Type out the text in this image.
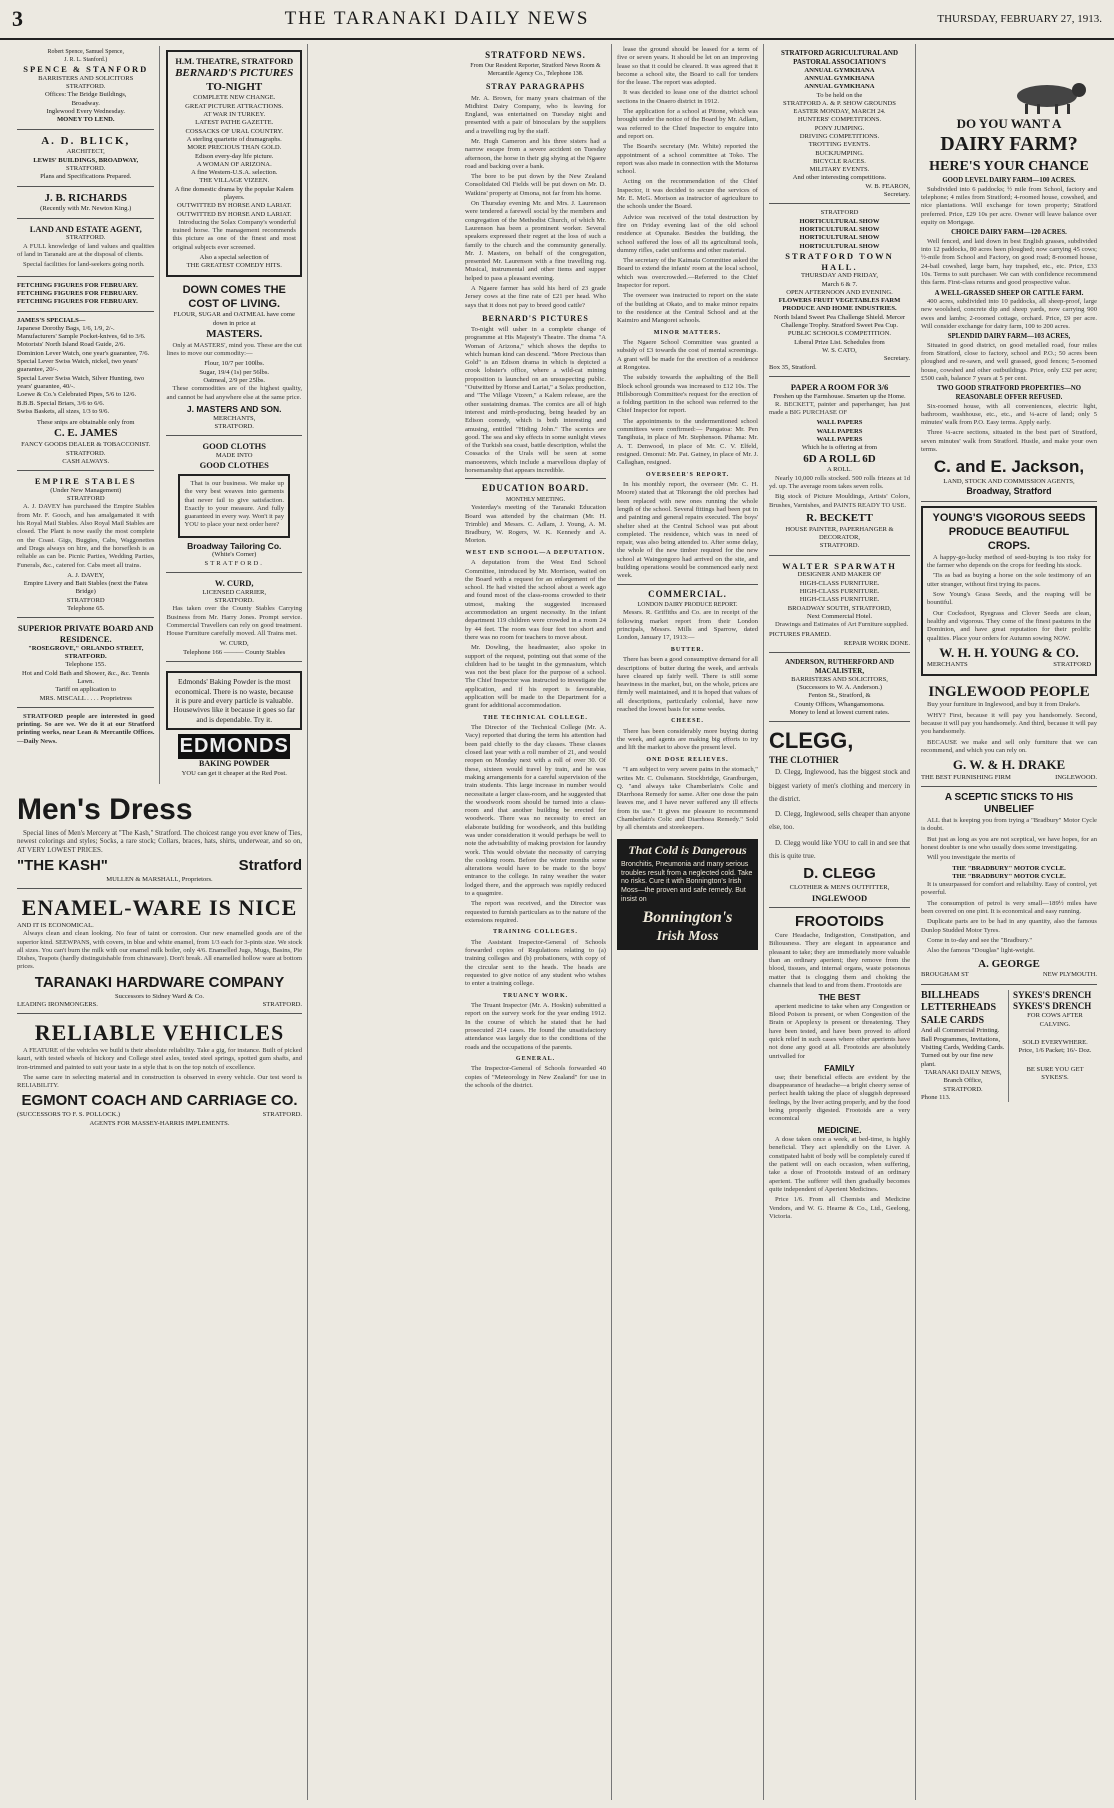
3	THE TARANAKI DAILY NEWS	THURSDAY, FEBRUARY 27, 1913.
Robert Spence, Samuel Spence,
J. R. L. Stanford.)
SPENCE & STANFORD
BARRISTERS AND SOLICITORS
STRATFORD.
Offices: The Bridge Buildings,
Broadway.
Inglewood Every Wednesday.
MONEY TO LEND.
A. D. BLICK,
ARCHITECT,
LEWIS' BUILDINGS, BROADWAY,
STRATFORD.
Plans and Specifications Prepared.
J. B. RICHARDS
(Recently with Mr. Newton King.)
LAND AND ESTATE AGENT,
STRATFORD.

A FULL knowledge of land values and qualities of land in Taranaki are at the disposal of clients.

Special facilities for land-seekers going north.

FETCHING FIGURES FOR FEBRUARY.
FETCHING FIGURES FOR FEBRUARY.
FETCHING FIGURES FOR FEBRUARY.
JAMES'S SPECIALS—
Japanese Dorothy Bags, 1/6, 1/9, 2/-.
Manufacturers' Sample Pocket-knives, 6d to 3/6.
Motorists' North Island Road Guide, 2/6.
Dominion Lever Watch, one year's guarantee, 7/6.
Special Lever Swiss Watch, nickel, two years' guarantee, 20/-.
Special Lever Swiss Watch, Silver Hunting, two years' guarantee, 40/-.
Loewe & Co.'s Celebrated Pipes, 5/6 to 12/6.
B.B.B. Special Briars, 3/6 to 6/6.
Swiss Baskets, all sizes, 1/3 to 9/6.
These snips are obtainable only from
C. E. JAMES
FANCY GOODS DEALER & TOBACCONIST.
STRATFORD.
CASH ALWAYS.
EMPIRE STABLES
(Under New Management)
STRATFORD

A. J. DAVEY has purchased the Empire Stables from Mr. F. Gooch, and has amalgamated it with his Royal Mail Stables. Also Royal Mail Stables are closed. The Plant is now easily the most complete on the Coast. Gigs, Buggies, Cabs, Waggonettes and Drags always on hire, and the horseflesh is as reliable as can be. Picnic Parties, Wedding Parties, Funerals, &c., catered for. Cabs meet all trains.

A. J. DAVEY,
Empire Livery and Bait Stables (next the Fatea Bridge)
STRATFORD
Telephone 65.
SUPERIOR PRIVATE BOARD AND RESIDENCE.
"ROSEGROVE," ORLANDO STREET, STRATFORD.
Telephone 155.
Hot and Cold Bath and Shower, &c., &c. Tennis Lawn.
Tariff on application to
MRS. MISCALL . . . . Proprietress

STRATFORD people are interested in good printing. So are we. We do it at our Stratford printing works, near Lean & Mercantile Offices.—Daily News.

H.M. THEATRE, STRATFORD
BERNARD'S PICTURES
TO-NIGHT
COMPLETE NEW CHANGE.
GREAT PICTURE ATTRACTIONS.
AT WAR IN TURKEY.
LATEST PATHE GAZETTE.
COSSACKS OF URAL COUNTRY.
A sterling quartette of dramagraphs.
MORE PRECIOUS THAN GOLD.
Edison every-day life picture.
A WOMAN OF ARIZONA.
A fine Western-U.S.A. selection.
THE VILLAGE VIZEEN.
A fine domestic drama by the popular Kalem players.
OUTWITTED BY HORSE AND LARIAT.
OUTWITTED BY HORSE AND LARIAT.

Introducing the Solax Company's wonderful trained horse. The management recommends this picture as one of the finest and most original subjects ever screened.

Also a special selection of
THE GREATEST COMEDY HITS.
DOWN COMES THE COST OF LIVING.
FLOUR, SUGAR and OATMEAL have come down in price at
MASTERS.

Only at MASTERS', mind you. These are the cut lines to move our commodity:—

Flour, 10/7 per 100lbs.
Sugar, 19/4 (1s) per 56lbs.
Oatmeal, 2/9 per 25lbs.

These commodities are of the highest quality, and cannot be had anywhere else at the same price.

J. MASTERS AND SON.
MERCHANTS,
STRATFORD.
GOOD CLOTHS
MADE INTO
GOOD CLOTHES

That is our business. We make up the very best weaves into garments that never fail to give satisfaction. Exactly to your measure. And fully guaranteed in every way. Won't it pay YOU to place your next order here?

Broadway Tailoring Co.
(White's Corner)
STRATFORD.
W. CURD,
LICENSED CARRIER,
STRATFORD.

Has taken over the County Stables Carrying Business from Mr. Harry Jones. Prompt service. Commercial Travellers can rely on good treatment. House Furniture carefully moved. All Trains met.

W. CURD,
Telephone 166 ——— County Stables
Edmonds' Baking Powder is the most economical. There is no waste, because it is pure and every particle is valuable. Housewives like it because it goes so far and is dependable. Try it.
EDMONDS
BAKING POWDER
YOU can get it cheaper at the Red Post.
Men's Dress

Special lines of Men's Mercery at "The Kash," Stratford. The choicest range you ever knew of Ties, newest colorings and styles; Socks, a rare stock; Collars, braces, hats, shirts, underwear, and so on, AT VERY LOWEST PRICES.

"THE KASH"	Stratford
MULLEN & MARSHALL, Proprietors.
ENAMEL-WARE IS NICE
AND IT IS ECONOMICAL.

Always clean and clean looking. No fear of taint or corrosion. Our new enamelled goods are of the superior kind. SEEWPANS, with covers, in blue and white enamel, from 1/3 each for 3-pints size. We stock all sizes. You can't burn the milk with our enamel milk boiler, only 4/6. Enamelled Jugs, Mugs, Basins, Pie Dishes, Teapots (hardly distinguishable from chinaware). Don't break. All enamelled hollow ware at bottom prices.

TARANAKI HARDWARE COMPANY
Successors to Sidney Ward & Co.
LEADING IRONMONGERS.	STRATFORD.
RELIABLE VEHICLES

A FEATURE of the vehicles we build is their absolute reliability. Take a gig, for instance. Built of picked kauri, with tested wheels of hickory and College steel axles, tested steel springs, spotted gum shafts, and iron-trimmed and painted to suit your taste in a style that is on the top notch of excellence.

The same care in selecting material and in construction is observed in every vehicle. Our test word is RELIABILITY.

EGMONT COACH AND CARRIAGE CO.
(SUCCESSORS TO F. S. POLLOCK.)	STRATFORD.
AGENTS FOR MASSEY-HARRIS IMPLEMENTS.
STRATFORD NEWS.
From Our Resident Reporter, Stratford News Room & Mercantile Agency Co., Telephone 138.
STRAY PARAGRAPHS

Mr. A. Brown, for many years chairman of the Midhirst Dairy Company, who is leaving for England, was entertained on Tuesday night and presented with a pair of binoculars by the suppliers and a travelling rug by the staff.

Mr. Hugh Cameron and his three sisters had a narrow escape from a severe accident on Tuesday afternoon, the horse in their gig shying at the Ngaere road and backing over a bank.

The bore to be put down by the New Zealand Consolidated Oil Fields will be put down on Mr. D. Watkins' property at Omona, not far from his home.

On Thursday evening Mr. and Mrs. J. Laurenson were tendered a farewell social by the members and congregation of the Methodist Church, of which Mr. Laurenson has been a prominent worker. Several speakers expressed their regret at the loss of such a family to the church and the community generally. Mr. J. Masters, on behalf of the congregation, presented Mr. Laurenson with a fine travelling rug. Musical, instrumental and other items and supper helped to pass a pleasant evening.

A Ngaere farmer has sold his herd of 23 grade Jersey cows at the fine rate of £21 per head. Who says that it does not pay to breed good cattle?

BERNARD'S PICTURES

To-night will usher in a complete change of programme at His Majesty's Theatre. The drama "A Woman of Arizona," which shows the depths to which human kind can descend. "More Precious than Gold" is an Edison drama in which is depicted a crook lobster's office, where a wild-cat mining proposition is launched on an unsuspecting public. "Outwitted by Horse and Lariat," a Solax production, and "The Village Vizeen," a Kalem release, are the other sustaining dramas. The comics are all of high interest and mirth-producing, being headed by an Edison comedy, which is both interesting and amusing, entitled "Hiding John." The scenics are good. The sea and sky effects in some sunlight views of the Turkish sea coast, battle description, whilst the Cossacks of the Urals will be seen at some manoeuvres, which include a marvellous display of horsemanship that appears incredible.

EDUCATION BOARD.
MONTHLY MEETING.

Yesterday's meeting of the Taranaki Education Board was attended by the chairman (Mr. H. Trimble) and Messrs. C. Adlam, J. Young, A. M. Bradbury, W. Rogers, W. K. Kennedy and A. Morton.

WEST END SCHOOL—A DEPUTATION.

A deputation from the West End School Committee, introduced by Mr. Morrison, waited on the Board with a request for an enlargement of the school. He had visited the school about a week ago and found most of the class-rooms crowded to their utmost, making the suggested increased accommodation an urgent necessity. In the infant department 119 children were crowded in a room 24 by 44 feet. The room was four feet too short and there was no room for teachers to move about.

Mr. Dowling, the headmaster, also spoke in support of the request, pointing out that some of the children had to be taught in the gymnasium, which was not the best place for the purpose of a school. The Chief Inspector was instructed to investigate the application, and if his report is favourable, application will be made to the Department for a grant for additional accommodation.

THE TECHNICAL COLLEGE.

The Director of the Technical College (Mr. A. Vacy) reported that during the term his attention had been paid chiefly to the day classes. These classes closed last year with a roll number of 21, and would reopen on Monday next with a roll of over 30. Of these, sixteen would travel by train, and he was making arrangements for a careful supervision of the train students. This large increase in number would necessitate a larger class-room, and he suggested that the woodwork room should be turned into a class-room and that another building be erected for woodwork. There was no necessity to erect an elaborate building for woodwork, and this building was under consideration it would perhaps be well to note the advisability of making provision for laundry work. This would obviate the necessity of carrying the cooking room. Before the winter months some alterations would have to be made to the boys' entrance to the college. In rainy weather the water lodged there, and the approach was rapidly reduced to a quagmire.

The report was received, and the Director was requested to furnish particulars as to the nature of the extensions required.

TRAINING COLLEGES.

The Assistant Inspector-General of Schools forwarded copies of Regulations relating to (a) training colleges and (b) probationers, with copy of the circular sent to the heads. The heads are requested to give notice of any student who wishes to enter a training college.

TRUANCY WORK.

The Truant Inspector (Mr. A. Hoskin) submitted a report on the survey work for the year ending 1912. In the course of which he stated that he had prosecuted 214 cases. He found the unsatisfactory attendance was largely due to the conditions of the roads and the occupations of the parents.

GENERAL.

The Inspector-General of Schools forwarded 40 copies of "Meteorology in New Zealand" for use in the schools of the district.

lease the ground should be leased for a term of five or seven years. It should be let on an improving lease so that it could be cleared. It was agreed that it become a school site, the Board to call for tenders for the lease. The report was adopted.

It was decided to lease one of the district school sections in the Onaero district in 1912.

The application for a school at Pitone, which was brought under the notice of the Board by Mr. Adlam, was referred to the Chief Inspector to enquire into and report on.

The Board's secretary (Mr. White) reported the appointment of a school committee at Toko. The report was also made in connection with the Moturoa school.

Acting on the recommendation of the Chief Inspector, it was decided to secure the services of Mr. E. McG. Morison as instructor of agriculture to the schools under the Board.

Advice was received of the total destruction by fire on Friday evening last of the old school residence at Opunake. Besides the building, the school suffered the loss of all its agricultural tools, dummy rifles, cadet uniforms and other material.

The secretary of the Kaimata Committee asked the Board to extend the infants' room at the local school, which was overcrowded.—Referred to the Chief Inspector for report.

The overseer was instructed to report on the state of the building at Okato, and to make minor repairs to the residence at the Central School and at the Kaimiro and Mangorei schools.

MINOR MATTERS.

The Ngaere School Committee was granted a subsidy of £3 towards the cost of mental screenings. A grant will be made for the erection of a residence at Rongotea.

The subsidy towards the asphalting of the Bell Block school grounds was increased to £12 10s. The Hillsborough Committee's request for the erection of a folding partition in the school was referred to the Chief Inspector for report.

The appointments to the undermentioned school committees were confirmed:— Pungatoa: Mr. Pen Tangihuia, in place of Mr. Stephenson. Pihama: Mr. A. T. Denwood, in place of Mr. C. V. Elfeld, resigned. Omonui: Mr. Pat. Gatney, in place of Mr. J. Callaghan, resigned.

OVERSEER'S REPORT.

In his monthly report, the overseer (Mr. C. H. Moore) stated that at Tikorangi the old porches had been replaced with new ones running the whole length of the school. Several fittings had been put in and painting and general repairs executed. The boys' shelter shed at the Central School was put about completed. The residence, which was in need of repair, was also being attended to. After some delay, the whole of the new timber required for the new school at Waingongoro had arrived on the site, and building operations would be commenced early next week.

COMMERCIAL.
LONDON DAIRY PRODUCE REPORT.

Messrs. R. Griffiths and Co. are in receipt of the following market report from their London principals, Messrs. Mills and Sparrow, dated London, January 17, 1913:—

BUTTER.

There has been a good consumptive demand for all descriptions of butter during the week, and arrivals have cleared up fairly well. There is still some heaviness in the market, but, on the whole, prices are firmly well maintained, and it is hoped that values of all descriptions, particularly colonial, have now reached the lowest basis for some weeks.

CHEESE.

There has been considerably more buying during the week, and agents are making big efforts to try and lift the market to above the present level.

ONE DOSE RELIEVES.

"I am subject to very severe pains in the stomach," writes Mr. C. Oulsmann. Stockbridge, Graniburgen, Q. "and always take Chamberlain's Colic and Diarrhoea Remedy for same. After one dose the pain leaves me, and I have never suffered any ill effects from its use." It gives me pleasure to recommend Chamberlain's Colic and Diarrhoea Remedy." Sold by all chemists and storekeepers.

That Cold is Dangerous
Bronchitis, Pneumonia and many serious troubles result from a neglected cold. Take no risks. Cure it with Bonnington's Irish Moss—the proven and safe remedy. But insist on
Bonnington's
Irish Moss
STRATFORD AGRICULTURAL AND PASTORAL ASSOCIATION'S
ANNUAL GYMKHANA
ANNUAL GYMKHANA
ANNUAL GYMKHANA
To be held on the
STRATFORD A. & P. SHOW GROUNDS
EASTER MONDAY, MARCH 24.
HUNTERS' COMPETITIONS.
PONY JUMPING.
DRIVING COMPETITIONS.
TROTTING EVENTS.
BUCKJUMPING.
BICYCLE RACES.
MILITARY EVENTS.
And other interesting competitions.
W. B. FEARON,
Secretary.
STRATFORD
HORTICULTURAL SHOW
HORTICULTURAL SHOW
HORTICULTURAL SHOW
HORTICULTURAL SHOW
STRATFORD TOWN HALL.
THURSDAY AND FRIDAY,
March 6 & 7.
OPEN AFTERNOON AND EVENING.
FLOWERS FRUIT VEGETABLES FARM PRODUCE AND HOME INDUSTRIES.
North Island Sweet Pea Challenge Shield. Mercer Challenge Trophy. Stratford Sweet Pea Cup.
PUBLIC SCHOOLS COMPETITION.
Liberal Prize List. Schedules from
W. S. CATO,
Secretary.
Box 35, Stratford.
PAPER A ROOM FOR 3/6
Freshen up the Farmhouse. Smarten up the Home.

R. BECKETT, painter and paperhanger, has just made a BIG PURCHASE OF

WALL PAPERS
WALL PAPERS
WALL PAPERS
Which he is offering at from
6D A ROLL 6D
A ROLL.

Nearly 10,000 rolls stocked. 500 rolls friezes at 1d yd. up. The average room takes seven rolls.

Big stock of Picture Mouldings, Artists' Colors, Brushes, Varnishes, and PAINTS READY TO USE.

R. BECKETT
HOUSE PAINTER, PAPERHANGER & DECORATOR,
STRATFORD.
WALTER SPARWATH
DESIGNER AND MAKER OF
HIGH-CLASS FURNITURE.
HIGH-CLASS FURNITURE.
HIGH-CLASS FURNITURE.
BROADWAY SOUTH, STRATFORD,
Next Commercial Hotel.

Drawings and Estimates of Art Furniture supplied.

PICTURES FRAMED.
REPAIR WORK DONE.
ANDERSON, RUTHERFORD AND MACALISTER,
BARRISTERS AND SOLICITORS,
(Successors to W. A. Anderson.)
Fenton St., Stratford, &
County Offices, Whangamomona.
Money to lend at lowest current rates.
CLEGG,
THE CLOTHIER

D. Clegg, Inglewood, has the biggest stock and biggest variety of men's clothing and mercery in the district.

D. Clegg, Inglewood, sells cheaper than anyone else, too.

D. Clegg would like YOU to call in and see that this is quite true.

D. CLEGG
CLOTHIER & MEN'S OUTFITTER,
INGLEWOOD
FROOTOIDS

Cure Headache, Indigestion, Constipation, and Biliousness. They are elegant in appearance and pleasant to take; they are immediately more valuable than an ordinary aperient; they remove from the blood, tissues, and internal organs, waste poisonous matter that is clogging them and choking the channels that lead to and from them. Frootoids are

THE BEST

aperient medicine to take when any Congestion or Blood Poison is present, or when Congestion of the Brain or Apoplexy is present or threatening. They have been tested, and have been proved to afford quick relief in such cases where other aperients have not done any good at all. Frootoids are absolutely unrivalled for

FAMILY

use; their beneficial effects are evident by the disappearance of headache—a bright cheery sense of perfect health taking the place of sluggish depressed feelings, by the liver acting properly, and by the food being properly digested. Frootoids are a very economical

MEDICINE.

A dose taken once a week, at bed-time, is highly beneficial. They act splendidly on the Liver. A constipated habit of body will be completely cured if the patient will on each occasion, when suffering, take a dose of Frootoids instead of an ordinary aperient. The sufferer will then gradually becomes quite independent of Aperient Medicines.

Price 1/6. From all Chemists and Medicine Vendors, and W. G. Hearne & Co., Ltd., Geelong, Victoria.

DO YOU WANT A
DAIRY FARM?
HERE'S YOUR CHANCE
GOOD LEVEL DAIRY FARM—100 ACRES.

Subdivided into 6 paddocks; ½ mile from School, factory and telephone; 4 miles from Stratford; 4-roomed house, cowshed, and nice plantations. Will exchange for town property; Stratford preferred. Price, £29 10s per acre. Owner will leave balance over equity on Mortgage.

CHOICE DAIRY FARM—120 ACRES.

Well fenced, and laid down in best English grasses, subdivided into 12 paddocks, 80 acres been ploughed; now carrying 45 cows; ½-mile from School and Factory, on good road; 8-roomed house, 24-bail cowshed, large barn, hay trapshed, etc., etc. Price, £33 10s. Terms to suit purchaser. We can with confidence recommend this farm. First-class returns and good prospective value.

A WELL-GRASSED SHEEP OR CATTLE FARM.

400 acres, subdivided into 10 paddocks, all sheep-proof, large new woolshed, concrete dip and sheep yards, now carrying 900 ewes and lambs; 2-roomed cottage, orchard. Price, £9 per acre. Will consider exchange for dairy farm, 100 to 200 acres.

SPLENDID DAIRY FARM—103 ACRES,

Situated in good district, on good metalled road, four miles from Stratford, close to factory, school and P.O.; 50 acres been ploughed and re-sawn, and well grassed, good fences; 5-roomed house, cowshed and other outbuildings. Price, only £32 per acre; £500 cash, balance 7 years at 5 per cent.

TWO GOOD STRATFORD PROPERTIES—NO REASONABLE OFFER REFUSED.

Six-roomed house, with all conveniences, electric light, bathroom, washhouse, etc., etc., and ¼-acre of land; only 5 minutes' walk from P.O. Easy terms. Apply early.

Three ¼-acre sections, situated in the best part of Stratford, seven minutes' walk from Stratford. Hustle, and make your own terms.

C. and E. Jackson,
LAND, STOCK AND COMMISSION AGENTS,
Broadway, Stratford
YOUNG'S VIGOROUS SEEDS
PRODUCE BEAUTIFUL CROPS.

A happy-go-lucky method of seed-buying is too risky for the farmer who depends on the crops for feeding his stock.

'Tis as bad as buying a horse on the sole testimony of an utter stranger, without first trying its paces.

Sow Young's Grass Seeds, and the reaping will be bountiful.

Our Cocksfoot, Ryegrass and Clover Seeds are clean, healthy and vigorous. They come of the finest pastures in the Dominion, and have great reputation for their prolific qualities. Place your orders for Autumn sowing NOW.

W. H. H. YOUNG & CO.
MERCHANTS	STRATFORD
INGLEWOOD PEOPLE

Buy your furniture in Inglewood, and buy it from Drake's.

WHY? First, because it will pay you handsomely. Second, because it will pay you handsomely. And third, because it will pay you handsomely.

BECAUSE we make and sell only furniture that we can recommend, and which you can rely on.

G. W. & H. DRAKE
THE BEST FURNISHING FIRM	INGLEWOOD.
A SCEPTIC STICKS TO HIS UNBELIEF

ALL that is keeping you from trying a "Bradbury" Motor Cycle is doubt.

But just as long as you are not sceptical, we have hopes, for an honest doubter is one who usually does some investigating.

Will you investigate the merits of

THE "BRADBURY" MOTOR CYCLE.
THE "BRADBURY" MOTOR CYCLE.

It is unsurpassed for comfort and reliability. Easy of control, yet powerful.

The consumption of petrol is very small—189½ miles have been covered on one pint. It is economical and easy running.

Duplicate parts are to be had in any quantity, also the famous Dunlop Studded Motor Tyres.

Come in to-day and see the "Bradbury."

Also the famous "Douglas" light-weight.

A. GEORGE
BROUGHAM ST	NEW PLYMOUTH.
BILLHEADS
LETTERHEADS
SALE CARDS
And all Commercial Printing.
Ball Programmes, Invitations, Visiting Cards, Wedding Cards. Turned out by our fine new plant.
TARANAKI DAILY NEWS,
Branch Office,
STRATFORD.
Phone 113.
SYKES'S DRENCH
SYKES'S DRENCH
FOR COWS AFTER CALVING.
SOLD EVERYWHERE.
Price, 1/6 Packet; 16/- Doz.
BE SURE YOU GET SYKES'S.
